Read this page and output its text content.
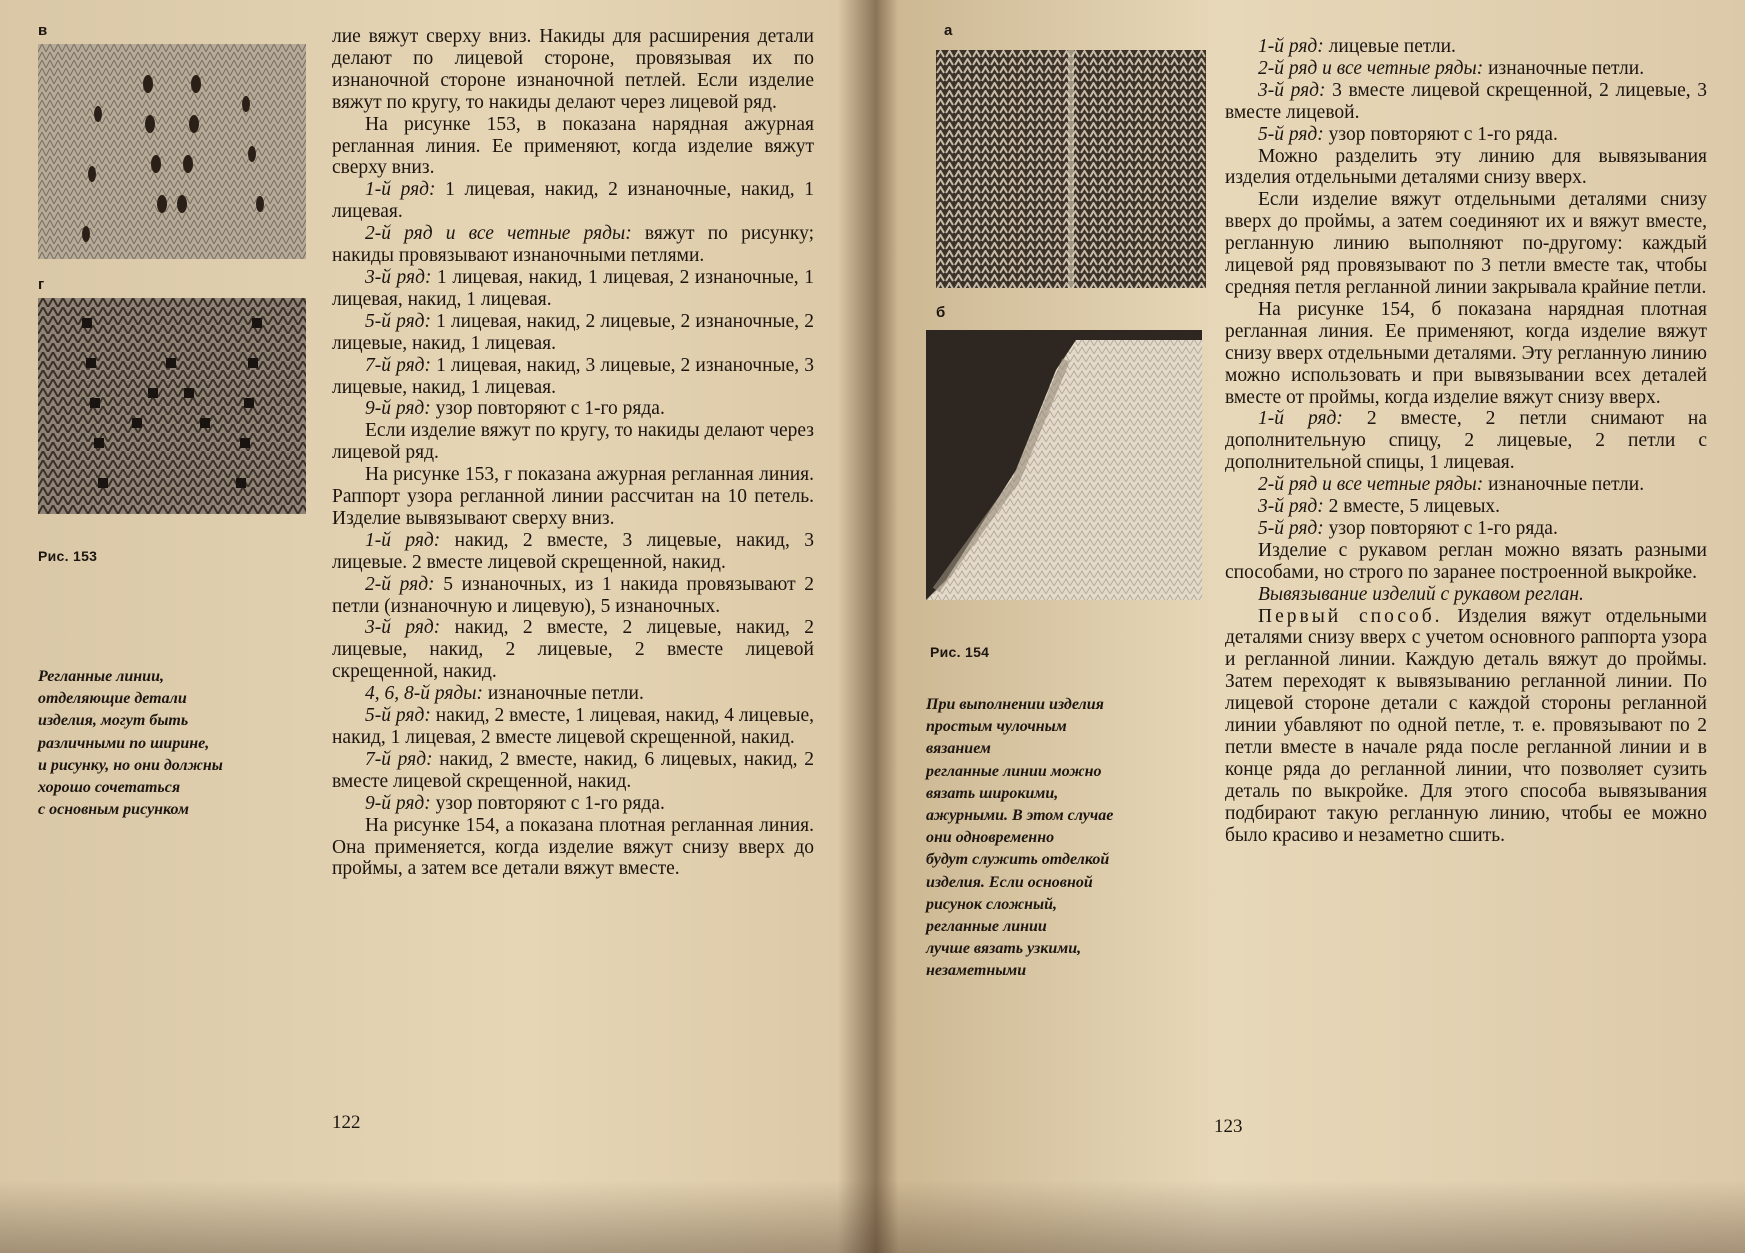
в
г
Рис. 153
Регланные линии,
отделяющие детали
изделия, могут быть
различными по ширине,
и рисунку, но они должны
хорошо сочетаться
с основным рисунком

лие вяжут сверху вниз. Накиды для расширения детали делают по лицевой стороне, провязывая их по изнаночной стороне изнаночной петлей. Если изделие вяжут по кругу, то накиды делают через лицевой ряд.

На рисунке 153, в показана нарядная ажурная регланная линия. Ее применяют, когда изделие вяжут сверху вниз.

1-й ряд: 1 лицевая, накид, 2 изнаночные, накид, 1 лицевая.

2-й ряд и все четные ряды: вяжут по рисунку; накиды провязывают изнаночными петлями.

3-й ряд: 1 лицевая, накид, 1 лицевая, 2 изнаночные, 1 лицевая, накид, 1 лицевая.

5-й ряд: 1 лицевая, накид, 2 лицевые, 2 изнаночные, 2 лицевые, накид, 1 лицевая.

7-й ряд: 1 лицевая, накид, 3 лицевые, 2 изнаночные, 3 лицевые, накид, 1 лицевая.

9-й ряд: узор повторяют с 1-го ряда.

Если изделие вяжут по кругу, то накиды делают через лицевой ряд.

На рисунке 153, г показана ажурная регланная линия. Раппорт узора регланной линии рассчитан на 10 петель. Изделие вывязывают сверху вниз.

1-й ряд: накид, 2 вместе, 3 лицевые, накид, 3 лицевые. 2 вместе лицевой скрещенной, накид.

2-й ряд: 5 изнаночных, из 1 накида провязывают 2 петли (изнаночную и лицевую), 5 изнаночных.

3-й ряд: накид, 2 вместе, 2 лицевые, накид, 2 лицевые, накид, 2 лицевые, 2 вместе лицевой скрещенной, накид.

4, 6, 8-й ряды: изнаночные петли.

5-й ряд: накид, 2 вместе, 1 лицевая, накид, 4 лицевые, накид, 1 лицевая, 2 вместе лицевой скрещенной, накид.

7-й ряд: накид, 2 вместе, накид, 6 лицевых, накид, 2 вместе лицевой скрещенной, накид.

9-й ряд: узор повторяют с 1-го ряда.

На рисунке 154, а показана плотная регланная линия. Она применяется, когда изделие вяжут снизу вверх до проймы, а затем все детали вяжут вместе.

122
а
б
Рис. 154
При выполнении изделия
простым чулочным
вязанием
регланные линии можно
вязать широкими,
ажурными. В этом случае
они одновременно
будут служить отделкой
изделия. Если основной
рисунок сложный,
регланные линии
лучше вязать узкими,
незаметными

1-й ряд: лицевые петли.

2-й ряд и все четные ряды: изнаночные петли.

3-й ряд: 3 вместе лицевой скрещенной, 2 лицевые, 3 вместе лицевой.

5-й ряд: узор повторяют с 1-го ряда.

Можно разделить эту линию для вывязывания изделия отдельными деталями снизу вверх.

Если изделие вяжут отдельными деталями снизу вверх до проймы, а затем соединяют их и вяжут вместе, регланную линию выполняют по-другому: каждый лицевой ряд провязывают по 3 петли вместе так, чтобы средняя петля регланной линии закрывала крайние петли.

На рисунке 154, б показана нарядная плотная регланная линия. Ее применяют, когда изделие вяжут снизу вверх отдельными деталями. Эту регланную линию можно использовать и при вывязывании всех деталей вместе от проймы, когда изделие вяжут снизу вверх.

1-й ряд: 2 вместе, 2 петли снимают на дополнительную спицу, 2 лицевые, 2 петли с дополнительной спицы, 1 лицевая.

2-й ряд и все четные ряды: изнаночные петли.

3-й ряд: 2 вместе, 5 лицевых.

5-й ряд: узор повторяют с 1-го ряда.

Изделие с рукавом реглан можно вязать разными способами, но строго по заранее построенной выкройке.

Вывязывание изделий с рукавом реглан.

Первый способ. Изделия вяжут отдельными деталями снизу вверх с учетом основного раппорта узора и регланной линии. Каждую деталь вяжут до проймы. Затем переходят к вывязыванию регланной линии. По лицевой стороне детали с каждой стороны регланной линии убавляют по одной петле, т. е. провязывают по 2 петли вместе в начале ряда после регланной линии и в конце ряда до регланной линии, что позволяет сузить деталь по выкройке. Для этого способа вывязывания подбирают такую регланную линию, чтобы ее можно было красиво и незаметно сшить.

123
